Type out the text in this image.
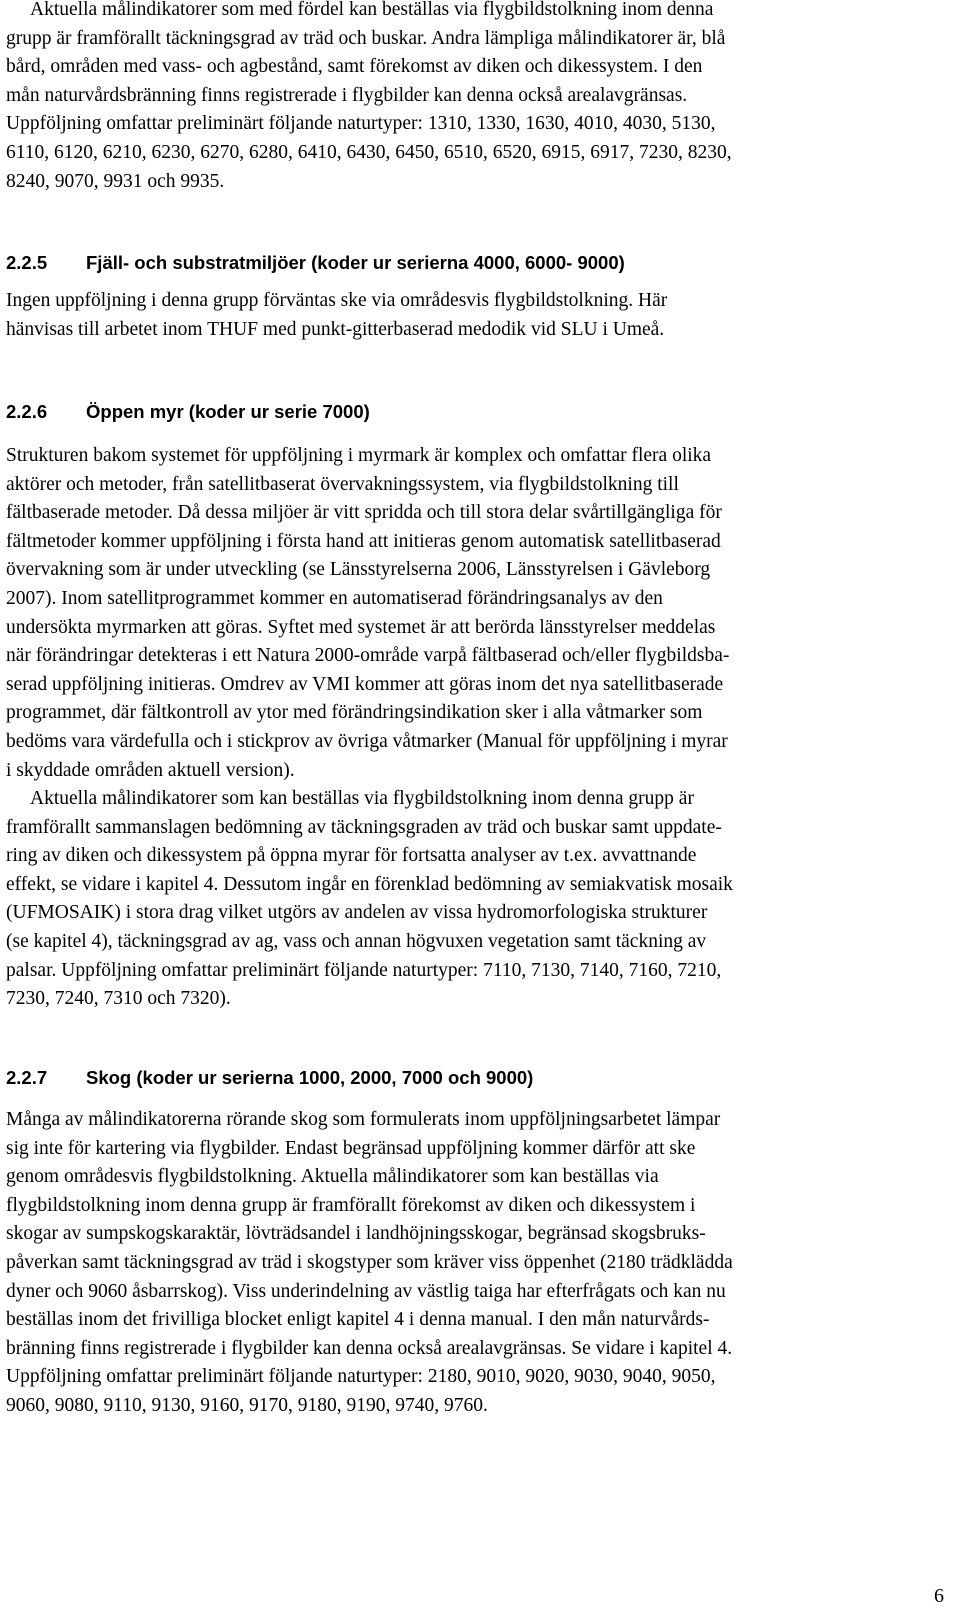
Aktuella målindikatorer som med fördel kan beställas via flygbildstolkning inom denna
grupp är framförallt täckningsgrad av träd och buskar. Andra lämpliga målindikatorer är, blå
bård, områden med vass- och agbestånd, samt förekomst av diken och dikessystem. I den
mån naturvårdsbränning finns registrerade i flygbilder kan denna också arealavgränsas.
Uppföljning omfattar preliminärt följande naturtyper: 1310, 1330, 1630, 4010, 4030, 5130,
6110, 6120, 6210, 6230, 6270, 6280, 6410, 6430, 6450, 6510, 6520, 6915, 6917, 7230, 8230,
8240, 9070, 9931 och 9935.
2.2.5 Fjäll- och substratmiljöer (koder ur serierna 4000, 6000- 9000)
Ingen uppföljning i denna grupp förväntas ske via områdesvis flygbildstolkning. Här
hänvisas till arbetet inom THUF med punkt-gitterbaserad medodik vid SLU i Umeå.
2.2.6 Öppen myr (koder ur serie 7000)
Strukturen bakom systemet för uppföljning i myrmark är komplex och omfattar flera olika
aktörer och metoder, från satellitbaserat övervakningssystem, via flygbildstolkning till
fältbaserade metoder. Då dessa miljöer är vitt spridda och till stora delar svårtillgängliga för
fältmetoder kommer uppföljning i första hand att initieras genom automatisk satellitbaserad
övervakning som är under utveckling (se Länsstyrelserna 2006, Länsstyrelsen i Gävleborg
2007). Inom satellitprogrammet kommer en automatiserad förändringsanalys av den
undersökta myrmarken att göras. Syftet med systemet är att berörda länsstyrelser meddelas
när förändringar detekteras i ett Natura 2000-område varpå fältbaserad och/eller flygbildsba-
serad uppföljning initieras. Omdrev av VMI kommer att göras inom det nya satellitbaserade
programmet, där fältkontroll av ytor med förändringsindikation sker i alla våtmarker som
bedöms vara värdefulla och i stickprov av övriga våtmarker (Manual för uppföljning i myrar
i skyddade områden aktuell version).
Aktuella målindikatorer som kan beställas via flygbildstolkning inom denna grupp är
framförallt sammanslagen bedömning av täckningsgraden av träd och buskar samt uppdate-
ring av diken och dikessystem på öppna myrar för fortsatta analyser av t.ex. avvattnande
effekt, se vidare i kapitel 4. Dessutom ingår en förenklad bedömning av semiakvatisk mosaik
(UFMOSAIK) i stora drag vilket utgörs av andelen av vissa hydromorfologiska strukturer
(se kapitel 4), täckningsgrad av ag, vass och annan högvuxen vegetation samt täckning av
palsar. Uppföljning omfattar preliminärt följande naturtyper: 7110, 7130, 7140, 7160, 7210,
7230, 7240, 7310 och 7320).
2.2.7 Skog (koder ur serierna 1000, 2000, 7000 och 9000)
Många av målindikatorerna rörande skog som formulerats inom uppföljningsarbetet lämpar
sig inte för kartering via flygbilder. Endast begränsad uppföljning kommer därför att ske
genom områdesvis flygbildstolkning. Aktuella målindikatorer som kan beställas via
flygbildstolkning inom denna grupp är framförallt förekomst av diken och dikessystem i
skogar av sumpskogskaraktär, lövträdsandel i landhöjningsskogar, begränsad skogsbruks-
påverkan samt täckningsgrad av träd i skogstyper som kräver viss öppenhet (2180 trädklädda
dyner och 9060 åsbarrskog). Viss underindelning av västlig taiga har efterfrågats och kan nu
beställas inom det frivilliga blocket enligt kapitel 4 i denna manual. I den mån naturvårds-
bränning finns registrerade i flygbilder kan denna också arealavgränsas. Se vidare i kapitel 4.
Uppföljning omfattar preliminärt följande naturtyper: 2180, 9010, 9020, 9030, 9040, 9050,
9060, 9080, 9110, 9130, 9160, 9170, 9180, 9190, 9740, 9760.
6
